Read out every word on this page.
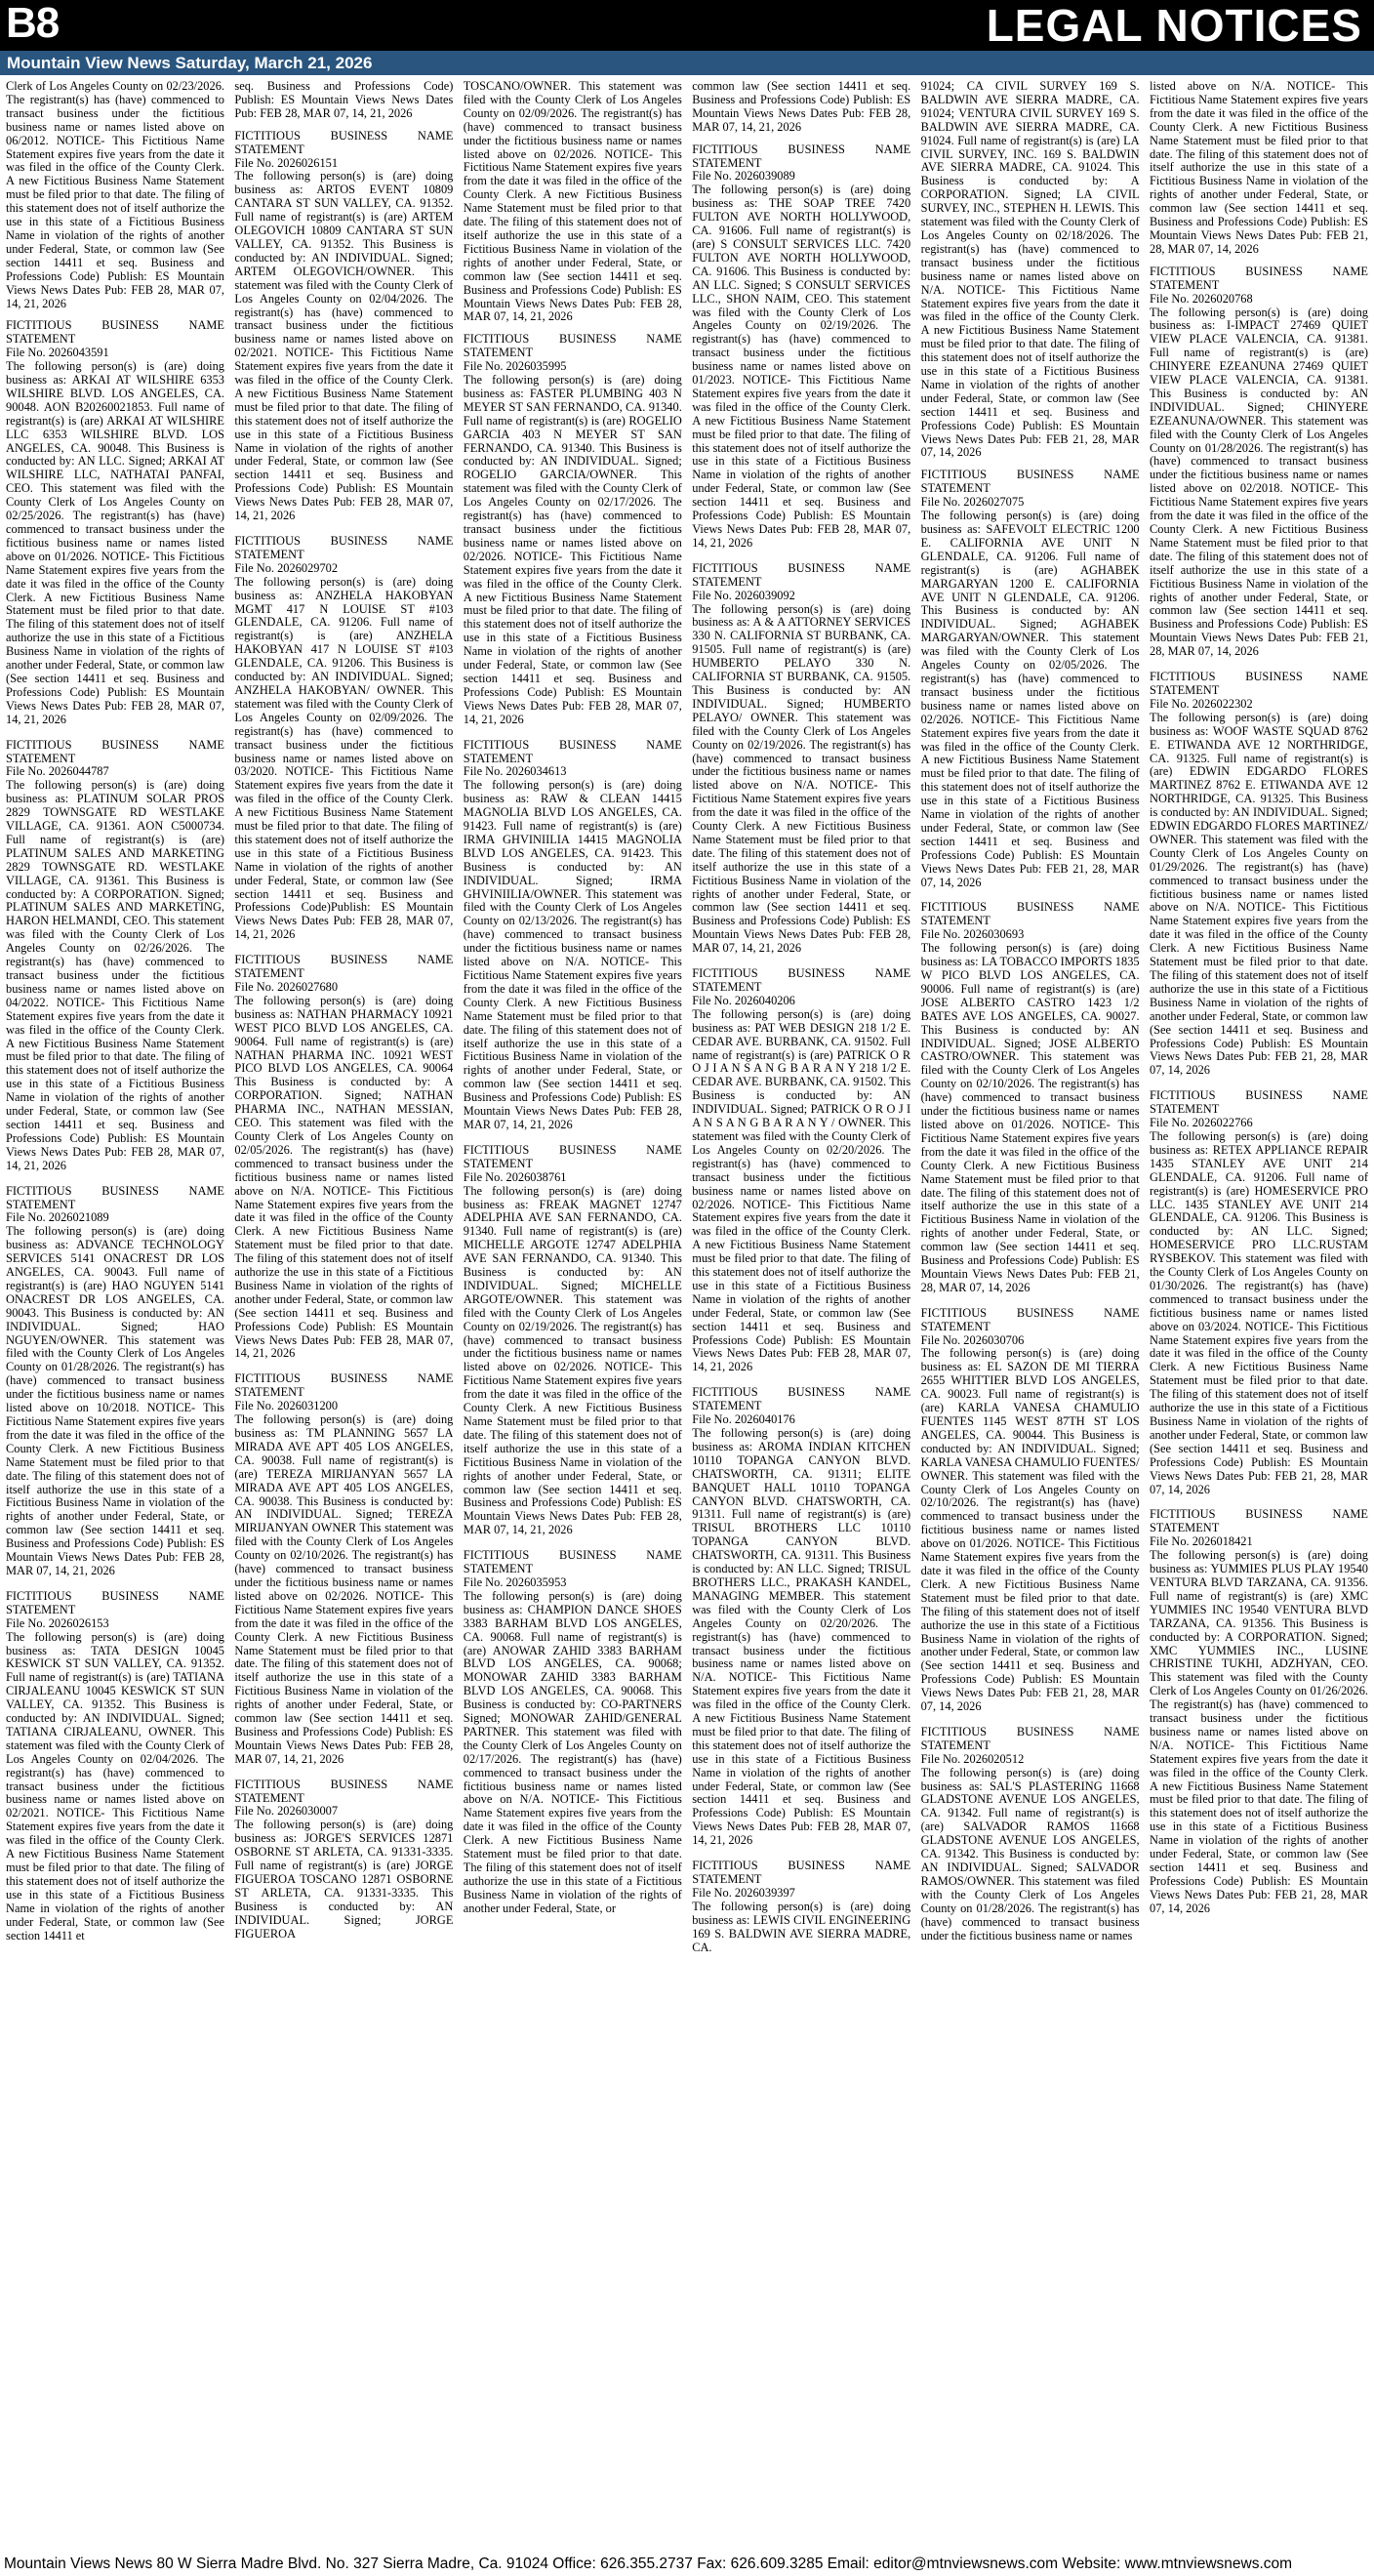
B8	LEGAL NOTICES
Mountain View News Saturday, March 21, 2026

Clerk of Los Angeles County on 02/23/2026. The registrant(s) has (have) commenced to transact business under the fictitious business name or names listed above on 06/2012. NOTICE- This Fictitious Name Statement expires five years from the date it was filed in the office of the County Clerk. A new Fictitious Business Name Statement must be filed prior to that date. The filing of this statement does not of itself authorize the use in this state of a Fictitious Business Name in violation of the rights of another under Federal, State, or common law (See section 14411 et seq. Business and Professions Code) Publish: ES Mountain Views News Dates Pub: FEB 28, MAR 07, 14, 21, 2026

FICTITIOUS BUSINESS NAME STATEMENT

File No. 2026043591

The following person(s) is (are) doing business as: ARKAI AT WILSHIRE 6353 WILSHIRE BLVD. LOS ANGELES, CA. 90048. AON B20260021853. Full name of registrant(s) is (are) ARKAI AT WILSHIRE LLC 6353 WILSHIRE BLVD. LOS ANGELES, CA. 90048. This Business is conducted by: AN LLC. Signed; ARKAI AT WILSHIRE LLC, NATHATAI PANFAI, CEO. This statement was filed with the County Clerk of Los Angeles County on 02/25/2026. The registrant(s) has (have) commenced to transact business under the fictitious business name or names listed above on 01/2026. NOTICE- This Fictitious Name Statement expires five years from the date it was filed in the office of the County Clerk. A new Fictitious Business Name Statement must be filed prior to that date. The filing of this statement does not of itself authorize the use in this state of a Fictitious Business Name in violation of the rights of another under Federal, State, or common law (See section 14411 et seq. Business and Professions Code) Publish: ES Mountain Views News Dates Pub: FEB 28, MAR 07, 14, 21, 2026

FICTITIOUS BUSINESS NAME STATEMENT

File No. 2026044787

The following person(s) is (are) doing business as: PLATINUM SOLAR PROS 2829 TOWNSGATE RD WESTLAKE VILLAGE, CA. 91361. AON C5000734. Full name of registrant(s) is (are) PLATINUM SALES AND MARKETING 2829 TOWNSGATE RD. WESTLAKE VILLAGE, CA. 91361. This Business is conducted by: A CORPORATION. Signed; PLATINUM SALES AND MARKETING, HARON HELMANDI, CEO. This statement was filed with the County Clerk of Los Angeles County on 02/26/2026. The registrant(s) has (have) commenced to transact business under the fictitious business name or names listed above on 04/2022. NOTICE- This Fictitious Name Statement expires five years from the date it was filed in the office of the County Clerk. A new Fictitious Business Name Statement must be filed prior to that date. The filing of this statement does not of itself authorize the use in this state of a Fictitious Business Name in violation of the rights of another under Federal, State, or common law (See section 14411 et seq. Business and Professions Code) Publish: ES Mountain Views News Dates Pub: FEB 28, MAR 07, 14, 21, 2026

FICTITIOUS BUSINESS NAME STATEMENT

File No. 2026021089

The following person(s) is (are) doing business as: ADVANCE TECHNOLOGY SERVICES 5141 ONACREST DR LOS ANGELES, CA. 90043. Full name of registrant(s) is (are) HAO NGUYEN 5141 ONACREST DR LOS ANGELES, CA. 90043. This Business is conducted by: AN INDIVIDUAL. Signed; HAO NGUYEN/OWNER. This statement was filed with the County Clerk of Los Angeles County on 01/28/2026. The registrant(s) has (have) commenced to transact business under the fictitious business name or names listed above on 10/2018. NOTICE- This Fictitious Name Statement expires five years from the date it was filed in the office of the County Clerk. A new Fictitious Business Name Statement must be filed prior to that date. The filing of this statement does not of itself authorize the use in this state of a Fictitious Business Name in violation of the rights of another under Federal, State, or common law (See section 14411 et seq. Business and Professions Code) Publish: ES Mountain Views News Dates Pub: FEB 28, MAR 07, 14, 21, 2026

FICTITIOUS BUSINESS NAME STATEMENT

File No. 2026026153

The following person(s) is (are) doing business as: TATA DESIGN 10045 KESWICK ST SUN VALLEY, CA. 91352. Full name of registrant(s) is (are) TATIANA CIRJALEANU 10045 KESWICK ST SUN VALLEY, CA. 91352. This Business is conducted by: AN INDIVIDUAL. Signed; TATIANA CIRJALEANU, OWNER. This statement was filed with the County Clerk of Los Angeles County on 02/04/2026. The registrant(s) has (have) commenced to transact business under the fictitious business name or names listed above on 02/2021. NOTICE- This Fictitious Name Statement expires five years from the date it was filed in the office of the County Clerk. A new Fictitious Business Name Statement must be filed prior to that date. The filing of this statement does not of itself authorize the use in this state of a Fictitious Business Name in violation of the rights of another under Federal, State, or common law (See section 14411 et

seq. Business and Professions Code) Publish: ES Mountain Views News Dates Pub: FEB 28, MAR 07, 14, 21, 2026

FICTITIOUS BUSINESS NAME STATEMENT

File No. 2026026151

The following person(s) is (are) doing business as: ARTOS EVENT 10809 CANTARA ST SUN VALLEY, CA. 91352. Full name of registrant(s) is (are) ARTEM OLEGOVICH 10809 CANTARA ST SUN VALLEY, CA. 91352. This Business is conducted by: AN INDIVIDUAL. Signed; ARTEM OLEGOVICH/OWNER. This statement was filed with the County Clerk of Los Angeles County on 02/04/2026. The registrant(s) has (have) commenced to transact business under the fictitious business name or names listed above on 02/2021. NOTICE- This Fictitious Name Statement expires five years from the date it was filed in the office of the County Clerk. A new Fictitious Business Name Statement must be filed prior to that date. The filing of this statement does not of itself authorize the use in this state of a Fictitious Business Name in violation of the rights of another under Federal, State, or common law (See section 14411 et seq. Business and Professions Code) Publish: ES Mountain Views News Dates Pub: FEB 28, MAR 07, 14, 21, 2026

FICTITIOUS BUSINESS NAME STATEMENT

File No. 2026029702

The following person(s) is (are) doing business as: ANZHELA HAKOBYAN MGMT 417 N LOUISE ST #103 GLENDALE, CA. 91206. Full name of registrant(s) is (are) ANZHELA HAKOBYAN 417 N LOUISE ST #103 GLENDALE, CA. 91206. This Business is conducted by: AN INDIVIDUAL. Signed; ANZHELA HAKOBYAN/ OWNER. This statement was filed with the County Clerk of Los Angeles County on 02/09/2026. The registrant(s) has (have) commenced to transact business under the fictitious business name or names listed above on 03/2020. NOTICE- This Fictitious Name Statement expires five years from the date it was filed in the office of the County Clerk. A new Fictitious Business Name Statement must be filed prior to that date. The filing of this statement does not of itself authorize the use in this state of a Fictitious Business Name in violation of the rights of another under Federal, State, or common law (See section 14411 et seq. Business and Professions Code)Publish: ES Mountain Views News Dates Pub: FEB 28, MAR 07, 14, 21, 2026

FICTITIOUS BUSINESS NAME STATEMENT

File No. 2026027680

The following person(s) is (are) doing business as: NATHAN PHARMACY 10921 WEST PICO BLVD LOS ANGELES, CA. 90064. Full name of registrant(s) is (are) NATHAN PHARMA INC. 10921 WEST PICO BLVD LOS ANGELES, CA. 90064 This Business is conducted by: A CORPORATION. Signed; NATHAN PHARMA INC., NATHAN MESSIAN, CEO. This statement was filed with the County Clerk of Los Angeles County on 02/05/2026. The registrant(s) has (have) commenced to transact business under the fictitious business name or names listed above on N/A. NOTICE- This Fictitious Name Statement expires five years from the date it was filed in the office of the County Clerk. A new Fictitious Business Name Statement must be filed prior to that date. The filing of this statement does not of itself authorize the use in this state of a Fictitious Business Name in violation of the rights of another under Federal, State, or common law (See section 14411 et seq. Business and Professions Code) Publish: ES Mountain Views News Dates Pub: FEB 28, MAR 07, 14, 21, 2026

FICTITIOUS BUSINESS NAME STATEMENT

File No. 2026031200

The following person(s) is (are) doing business as: TM PLANNING 5657 LA MIRADA AVE APT 405 LOS ANGELES, CA. 90038. Full name of registrant(s) is (are) TEREZA MIRIJANYAN 5657 LA MIRADA AVE APT 405 LOS ANGELES, CA. 90038. This Business is conducted by: AN INDIVIDUAL. Signed; TEREZA MIRIJANYAN OWNER This statement was filed with the County Clerk of Los Angeles County on 02/10/2026. The registrant(s) has (have) commenced to transact business under the fictitious business name or names listed above on 02/2026. NOTICE- This Fictitious Name Statement expires five years from the date it was filed in the office of the County Clerk. A new Fictitious Business Name Statement must be filed prior to that date. The filing of this statement does not of itself authorize the use in this state of a Fictitious Business Name in violation of the rights of another under Federal, State, or common law (See section 14411 et seq. Business and Professions Code) Publish: ES Mountain Views News Dates Pub: FEB 28, MAR 07, 14, 21, 2026

FICTITIOUS BUSINESS NAME STATEMENT

File No. 2026030007

The following person(s) is (are) doing business as: JORGE'S SERVICES 12871 OSBORNE ST ARLETA, CA. 91331-3335. Full name of registrant(s) is (are) JORGE FIGUEROA TOSCANO 12871 OSBORNE ST ARLETA, CA. 91331-3335. This Business is conducted by: AN INDIVIDUAL. Signed; JORGE FIGUEROA

TOSCANO/OWNER. This statement was filed with the County Clerk of Los Angeles County on 02/09/2026. The registrant(s) has (have) commenced to transact business under the fictitious business name or names listed above on 02/2026. NOTICE- This Fictitious Name Statement expires five years from the date it was filed in the office of the County Clerk. A new Fictitious Business Name Statement must be filed prior to that date. The filing of this statement does not of itself authorize the use in this state of a Fictitious Business Name in violation of the rights of another under Federal, State, or common law (See section 14411 et seq. Business and Professions Code) Publish: ES Mountain Views News Dates Pub: FEB 28, MAR 07, 14, 21, 2026

FICTITIOUS BUSINESS NAME STATEMENT

File No. 2026035995

The following person(s) is (are) doing business as: FASTER PLUMBING 403 N MEYER ST SAN FERNANDO, CA. 91340. Full name of registrant(s) is (are) ROGELIO GARCIA 403 N MEYER ST SAN FERNANDO, CA. 91340. This Business is conducted by: AN INDIVIDUAL. Signed; ROGELIO GARCIA/OWNER. This statement was filed with the County Clerk of Los Angeles County on 02/17/2026. The registrant(s) has (have) commenced to transact business under the fictitious business name or names listed above on 02/2026. NOTICE- This Fictitious Name Statement expires five years from the date it was filed in the office of the County Clerk. A new Fictitious Business Name Statement must be filed prior to that date. The filing of this statement does not of itself authorize the use in this state of a Fictitious Business Name in violation of the rights of another under Federal, State, or common law (See section 14411 et seq. Business and Professions Code) Publish: ES Mountain Views News Dates Pub: FEB 28, MAR 07, 14, 21, 2026

FICTITIOUS BUSINESS NAME STATEMENT

File No. 2026034613

The following person(s) is (are) doing business as: RAW & CLEAN 14415 MAGNOLIA BLVD LOS ANGELES, CA. 91423. Full name of registrant(s) is (are) IRMA GHVINIILIA 14415 MAGNOLIA BLVD LOS ANGELES, CA. 91423. This Business is conducted by: AN INDIVIDUAL. Signed; IRMA GHVINIILIA/OWNER. This statement was filed with the County Clerk of Los Angeles County on 02/13/2026. The registrant(s) has (have) commenced to transact business under the fictitious business name or names listed above on N/A. NOTICE- This Fictitious Name Statement expires five years from the date it was filed in the office of the County Clerk. A new Fictitious Business Name Statement must be filed prior to that date. The filing of this statement does not of itself authorize the use in this state of a Fictitious Business Name in violation of the rights of another under Federal, State, or common law (See section 14411 et seq. Business and Professions Code) Publish: ES Mountain Views News Dates Pub: FEB 28, MAR 07, 14, 21, 2026

FICTITIOUS BUSINESS NAME STATEMENT

File No. 2026038761

The following person(s) is (are) doing business as: FREAK MAGNET 12747 ADELPHIA AVE SAN FERNANDO, CA. 91340. Full name of registrant(s) is (are) MICHELLE ARGOTE 12747 ADELPHIA AVE SAN FERNANDO, CA. 91340. This Business is conducted by: AN INDIVIDUAL. Signed; MICHELLE ARGOTE/OWNER. This statement was filed with the County Clerk of Los Angeles County on 02/19/2026. The registrant(s) has (have) commenced to transact business under the fictitious business name or names listed above on 02/2026. NOTICE- This Fictitious Name Statement expires five years from the date it was filed in the office of the County Clerk. A new Fictitious Business Name Statement must be filed prior to that date. The filing of this statement does not of itself authorize the use in this state of a Fictitious Business Name in violation of the rights of another under Federal, State, or common law (See section 14411 et seq. Business and Professions Code) Publish: ES Mountain Views News Dates Pub: FEB 28, MAR 07, 14, 21, 2026

FICTITIOUS BUSINESS NAME STATEMENT

File No. 2026035953

The following person(s) is (are) doing business as: CHAMPION DANCE SHOES 3383 BARHAM BLVD LOS ANGELES, CA. 90068. Full name of registrant(s) is (are) ANOWAR ZAHID 3383 BARHAM BLVD LOS ANGELES, CA. 90068; MONOWAR ZAHID 3383 BARHAM BLVD LOS ANGELES, CA. 90068. This Business is conducted by: CO-PARTNERS Signed; MONOWAR ZAHID/GENERAL PARTNER. This statement was filed with the County Clerk of Los Angeles County on 02/17/2026. The registrant(s) has (have) commenced to transact business under the fictitious business name or names listed above on N/A. NOTICE- This Fictitious Name Statement expires five years from the date it was filed in the office of the County Clerk. A new Fictitious Business Name Statement must be filed prior to that date. The filing of this statement does not of itself authorize the use in this state of a Fictitious Business Name in violation of the rights of another under Federal, State, or

common law (See section 14411 et seq. Business and Professions Code) Publish: ES Mountain Views News Dates Pub: FEB 28, MAR 07, 14, 21, 2026

FICTITIOUS BUSINESS NAME STATEMENT

File No. 2026039089

The following person(s) is (are) doing business as: THE SOAP TREE 7420 FULTON AVE NORTH HOLLYWOOD, CA. 91606. Full name of registrant(s) is (are) S CONSULT SERVICES LLC. 7420 FULTON AVE NORTH HOLLYWOOD, CA. 91606. This Business is conducted by: AN LLC. Signed; S CONSULT SERVICES LLC., SHON NAIM, CEO. This statement was filed with the County Clerk of Los Angeles County on 02/19/2026. The registrant(s) has (have) commenced to transact business under the fictitious business name or names listed above on 01/2023. NOTICE- This Fictitious Name Statement expires five years from the date it was filed in the office of the County Clerk. A new Fictitious Business Name Statement must be filed prior to that date. The filing of this statement does not of itself authorize the use in this state of a Fictitious Business Name in violation of the rights of another under Federal, State, or common law (See section 14411 et seq. Business and Professions Code) Publish: ES Mountain Views News Dates Pub: FEB 28, MAR 07, 14, 21, 2026

FICTITIOUS BUSINESS NAME STATEMENT

File No. 2026039092

The following person(s) is (are) doing business as: A & A ATTORNEY SERVICES 330 N. CALIFORNIA ST BURBANK, CA. 91505. Full name of registrant(s) is (are) HUMBERTO PELAYO 330 N. CALIFORNIA ST BURBANK, CA. 91505. This Business is conducted by: AN INDIVIDUAL. Signed; HUMBERTO PELAYO/ OWNER. This statement was filed with the County Clerk of Los Angeles County on 02/19/2026. The registrant(s) has (have) commenced to transact business under the fictitious business name or names listed above on N/A. NOTICE- This Fictitious Name Statement expires five years from the date it was filed in the office of the County Clerk. A new Fictitious Business Name Statement must be filed prior to that date. The filing of this statement does not of itself authorize the use in this state of a Fictitious Business Name in violation of the rights of another under Federal, State, or common law (See section 14411 et seq. Business and Professions Code) Publish: ES Mountain Views News Dates Pub: FEB 28, MAR 07, 14, 21, 2026

FICTITIOUS BUSINESS NAME STATEMENT

File No. 2026040206

The following person(s) is (are) doing business as: PAT WEB DESIGN 218 1/2 E. CEDAR AVE. BURBANK, CA. 91502. Full name of registrant(s) is (are) PATRICK O R O J I A N S A N G B A R A N Y 218 1/2 E. CEDAR AVE. BURBANK, CA. 91502. This Business is conducted by: AN INDIVIDUAL. Signed; PATRICK O R O J I A N S A N G B A R A N Y / OWNER. This statement was filed with the County Clerk of Los Angeles County on 02/20/2026. The registrant(s) has (have) commenced to transact business under the fictitious business name or names listed above on 02/2026. NOTICE- This Fictitious Name Statement expires five years from the date it was filed in the office of the County Clerk. A new Fictitious Business Name Statement must be filed prior to that date. The filing of this statement does not of itself authorize the use in this state of a Fictitious Business Name in violation of the rights of another under Federal, State, or common law (See section 14411 et seq. Business and Professions Code) Publish: ES Mountain Views News Dates Pub: FEB 28, MAR 07, 14, 21, 2026

FICTITIOUS BUSINESS NAME STATEMENT

File No. 2026040176

The following person(s) is (are) doing business as: AROMA INDIAN KITCHEN 10110 TOPANGA CANYON BLVD. CHATSWORTH, CA. 91311; ELITE BANQUET HALL 10110 TOPANGA CANYON BLVD. CHATSWORTH, CA. 91311. Full name of registrant(s) is (are) TRISUL BROTHERS LLC 10110 TOPANGA CANYON BLVD. CHATSWORTH, CA. 91311. This Business is conducted by: AN LLC. Signed; TRISUL BROTHERS LLC., PRAKASH KANDEL, MANAGING MEMBER. This statement was filed with the County Clerk of Los Angeles County on 02/20/2026. The registrant(s) has (have) commenced to transact business under the fictitious business name or names listed above on N/A. NOTICE- This Fictitious Name Statement expires five years from the date it was filed in the office of the County Clerk. A new Fictitious Business Name Statement must be filed prior to that date. The filing of this statement does not of itself authorize the use in this state of a Fictitious Business Name in violation of the rights of another under Federal, State, or common law (See section 14411 et seq. Business and Professions Code) Publish: ES Mountain Views News Dates Pub: FEB 28, MAR 07, 14, 21, 2026

FICTITIOUS BUSINESS NAME STATEMENT

File No. 2026039397

The following person(s) is (are) doing business as: LEWIS CIVIL ENGINEERING 169 S. BALDWIN AVE SIERRA MADRE, CA.

91024; CA CIVIL SURVEY 169 S. BALDWIN AVE SIERRA MADRE, CA. 91024; VENTURA CIVIL SURVEY 169 S. BALDWIN AVE SIERRA MADRE, CA. 91024. Full name of registrant(s) is (are) LA CIVIL SURVEY, INC. 169 S. BALDWIN AVE SIERRA MADRE, CA. 91024. This Business is conducted by: A CORPORATION. Signed; LA CIVIL SURVEY, INC., STEPHEN H. LEWIS. This statement was filed with the County Clerk of Los Angeles County on 02/18/2026. The registrant(s) has (have) commenced to transact business under the fictitious business name or names listed above on N/A. NOTICE- This Fictitious Name Statement expires five years from the date it was filed in the office of the County Clerk. A new Fictitious Business Name Statement must be filed prior to that date. The filing of this statement does not of itself authorize the use in this state of a Fictitious Business Name in violation of the rights of another under Federal, State, or common law (See section 14411 et seq. Business and Professions Code) Publish: ES Mountain Views News Dates Pub: FEB 21, 28, MAR 07, 14, 2026

FICTITIOUS BUSINESS NAME STATEMENT

File No. 2026027075

The following person(s) is (are) doing business as: SAFEVOLT ELECTRIC 1200 E. CALIFORNIA AVE UNIT N GLENDALE, CA. 91206. Full name of registrant(s) is (are) AGHABEK MARGARYAN 1200 E. CALIFORNIA AVE UNIT N GLENDALE, CA. 91206. This Business is conducted by: AN INDIVIDUAL. Signed; AGHABEK MARGARYAN/OWNER. This statement was filed with the County Clerk of Los Angeles County on 02/05/2026. The registrant(s) has (have) commenced to transact business under the fictitious business name or names listed above on 02/2026. NOTICE- This Fictitious Name Statement expires five years from the date it was filed in the office of the County Clerk. A new Fictitious Business Name Statement must be filed prior to that date. The filing of this statement does not of itself authorize the use in this state of a Fictitious Business Name in violation of the rights of another under Federal, State, or common law (See section 14411 et seq. Business and Professions Code) Publish: ES Mountain Views News Dates Pub: FEB 21, 28, MAR 07, 14, 2026

FICTITIOUS BUSINESS NAME STATEMENT

File No. 2026030693

The following person(s) is (are) doing business as: LA TOBACCO IMPORTS 1835 W PICO BLVD LOS ANGELES, CA. 90006. Full name of registrant(s) is (are) JOSE ALBERTO CASTRO 1423 1/2 BATES AVE LOS ANGELES, CA. 90027. This Business is conducted by: AN INDIVIDUAL. Signed; JOSE ALBERTO CASTRO/OWNER. This statement was filed with the County Clerk of Los Angeles County on 02/10/2026. The registrant(s) has (have) commenced to transact business under the fictitious business name or names listed above on 01/2026. NOTICE- This Fictitious Name Statement expires five years from the date it was filed in the office of the County Clerk. A new Fictitious Business Name Statement must be filed prior to that date. The filing of this statement does not of itself authorize the use in this state of a Fictitious Business Name in violation of the rights of another under Federal, State, or common law (See section 14411 et seq. Business and Professions Code) Publish: ES Mountain Views News Dates Pub: FEB 21, 28, MAR 07, 14, 2026

FICTITIOUS BUSINESS NAME STATEMENT

File No. 2026030706

The following person(s) is (are) doing business as: EL SAZON DE MI TIERRA 2655 WHITTIER BLVD LOS ANGELES, CA. 90023. Full name of registrant(s) is (are) KARLA VANESA CHAMULIO FUENTES 1145 WEST 87TH ST LOS ANGELES, CA. 90044. This Business is conducted by: AN INDIVIDUAL. Signed; KARLA VANESA CHAMULIO FUENTES/ OWNER. This statement was filed with the County Clerk of Los Angeles County on 02/10/2026. The registrant(s) has (have) commenced to transact business under the fictitious business name or names listed above on 01/2026. NOTICE- This Fictitious Name Statement expires five years from the date it was filed in the office of the County Clerk. A new Fictitious Business Name Statement must be filed prior to that date. The filing of this statement does not of itself authorize the use in this state of a Fictitious Business Name in violation of the rights of another under Federal, State, or common law (See section 14411 et seq. Business and Professions Code) Publish: ES Mountain Views News Dates Pub: FEB 21, 28, MAR 07, 14, 2026

FICTITIOUS BUSINESS NAME STATEMENT

File No. 2026020512

The following person(s) is (are) doing business as: SAL'S PLASTERING 11668 GLADSTONE AVENUE LOS ANGELES, CA. 91342. Full name of registrant(s) is (are) SALVADOR RAMOS 11668 GLADSTONE AVENUE LOS ANGELES, CA. 91342. This Business is conducted by: AN INDIVIDUAL. Signed; SALVADOR RAMOS/OWNER. This statement was filed with the County Clerk of Los Angeles County on 01/28/2026. The registrant(s) has (have) commenced to transact business under the fictitious business name or names

listed above on N/A. NOTICE- This Fictitious Name Statement expires five years from the date it was filed in the office of the County Clerk. A new Fictitious Business Name Statement must be filed prior to that date. The filing of this statement does not of itself authorize the use in this state of a Fictitious Business Name in violation of the rights of another under Federal, State, or common law (See section 14411 et seq. Business and Professions Code) Publish: ES Mountain Views News Dates Pub: FEB 21, 28, MAR 07, 14, 2026

FICTITIOUS BUSINESS NAME STATEMENT

File No. 2026020768

The following person(s) is (are) doing business as: I-IMPACT 27469 QUIET VIEW PLACE VALENCIA, CA. 91381. Full name of registrant(s) is (are) CHINYERE EZEANUNA 27469 QUIET VIEW PLACE VALENCIA, CA. 91381. This Business is conducted by: AN INDIVIDUAL. Signed; CHINYERE EZEANUNA/OWNER. This statement was filed with the County Clerk of Los Angeles County on 01/28/2026. The registrant(s) has (have) commenced to transact business under the fictitious business name or names listed above on 02/2018. NOTICE- This Fictitious Name Statement expires five years from the date it was filed in the office of the County Clerk. A new Fictitious Business Name Statement must be filed prior to that date. The filing of this statement does not of itself authorize the use in this state of a Fictitious Business Name in violation of the rights of another under Federal, State, or common law (See section 14411 et seq. Business and Professions Code) Publish: ES Mountain Views News Dates Pub: FEB 21, 28, MAR 07, 14, 2026

FICTITIOUS BUSINESS NAME STATEMENT

File No. 2026022302

The following person(s) is (are) doing business as: WOOF WASTE SQUAD 8762 E. ETIWANDA AVE 12 NORTHRIDGE, CA. 91325. Full name of registrant(s) is (are) EDWIN EDGARDO FLORES MARTINEZ 8762 E. ETIWANDA AVE 12 NORTHRIDGE, CA. 91325. This Business is conducted by: AN INDIVIDUAL. Signed; EDWIN EDGARDO FLORES MARTINEZ/ OWNER. This statement was filed with the County Clerk of Los Angeles County on 01/29/2026. The registrant(s) has (have) commenced to transact business under the fictitious business name or names listed above on N/A. NOTICE- This Fictitious Name Statement expires five years from the date it was filed in the office of the County Clerk. A new Fictitious Business Name Statement must be filed prior to that date. The filing of this statement does not of itself authorize the use in this state of a Fictitious Business Name in violation of the rights of another under Federal, State, or common law (See section 14411 et seq. Business and Professions Code) Publish: ES Mountain Views News Dates Pub: FEB 21, 28, MAR 07, 14, 2026

FICTITIOUS BUSINESS NAME STATEMENT

File No. 2026022766

The following person(s) is (are) doing business as: RETEX APPLIANCE REPAIR 1435 STANLEY AVE UNIT 214 GLENDALE, CA. 91206. Full name of registrant(s) is (are) HOMESERVICE PRO LLC. 1435 STANLEY AVE UNIT 214 GLENDALE, CA. 91206. This Business is conducted by: AN LLC. Signed; HOMESERVICE PRO LLC.RUSTAM RYSBEKOV. This statement was filed with the County Clerk of Los Angeles County on 01/30/2026. The registrant(s) has (have) commenced to transact business under the fictitious business name or names listed above on 03/2024. NOTICE- This Fictitious Name Statement expires five years from the date it was filed in the office of the County Clerk. A new Fictitious Business Name Statement must be filed prior to that date. The filing of this statement does not of itself authorize the use in this state of a Fictitious Business Name in violation of the rights of another under Federal, State, or common law (See section 14411 et seq. Business and Professions Code) Publish: ES Mountain Views News Dates Pub: FEB 21, 28, MAR 07, 14, 2026

FICTITIOUS BUSINESS NAME STATEMENT

File No. 2026018421

The following person(s) is (are) doing business as: YUMMIES PLUS PLAY 19540 VENTURA BLVD TARZANA, CA. 91356. Full name of registrant(s) is (are) XMC YUMMIES INC 19540 VENTURA BLVD TARZANA, CA. 91356. This Business is conducted by: A CORPORATION. Signed; XMC YUMMIES INC., LUSINE CHRISTINE TUKHI, ADZHYAN, CEO. This statement was filed with the County Clerk of Los Angeles County on 01/26/2026. The registrant(s) has (have) commenced to transact business under the fictitious business name or names listed above on N/A. NOTICE- This Fictitious Name Statement expires five years from the date it was filed in the office of the County Clerk. A new Fictitious Business Name Statement must be filed prior to that date. The filing of this statement does not of itself authorize the use in this state of a Fictitious Business Name in violation of the rights of another under Federal, State, or common law (See section 14411 et seq. Business and Professions Code) Publish: ES Mountain Views News Dates Pub: FEB 21, 28, MAR 07, 14, 2026

Mountain Views News 80 W Sierra Madre Blvd. No. 327 Sierra Madre, Ca. 91024 Office: 626.355.2737 Fax: 626.609.3285 Email: editor@mtnviewsnews.com Website: www.mtnviewsnews.com
